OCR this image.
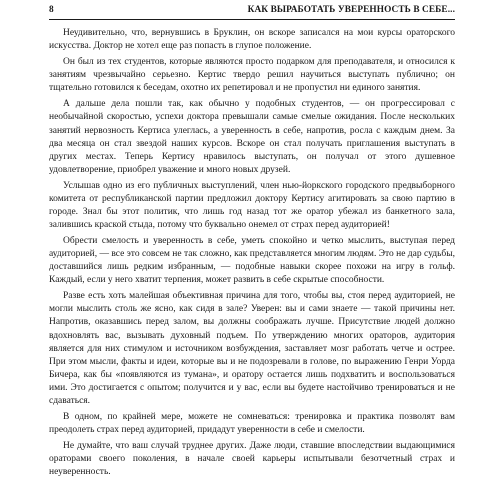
8	КАК ВЫРАБОТАТЬ УВЕРЕННОСТЬ В СЕБЕ...

Неудивительно, что, вернувшись в Бруклин, он вскоре записался на мои курсы ораторского искусства. Доктор не хотел еще раз попасть в глупое положение.

Он был из тех студентов, которые являются просто подарком для преподавателя, и относился к занятиям чрезвычайно серьезно. Кертис твердо решил научиться выступать публично; он тщательно готовился к беседам, охотно их репетировал и не пропустил ни единого занятия.

А дальше дела пошли так, как обычно у подобных студентов, — он прогрессировал с необычайной скоростью, успехи доктора превышали самые смелые ожидания. После нескольких занятий нервозность Кертиса улеглась, а уверенность в себе, напротив, росла с каждым днем. За два месяца он стал звездой наших курсов. Вскоре он стал получать приглашения выступать в других местах. Теперь Кертису нравилось выступать, он получал от этого душевное удовлетворение, приобрел уважение и много новых друзей.

Услышав одно из его публичных выступлений, член нью-йоркского городского предвыборного комитета от республиканской партии предложил доктору Кертису агитировать за свою партию в городе. Знал бы этот политик, что лишь год назад тот же оратор убежал из банкетного зала, залившись краской стыда, потому что буквально онемел от страх перед аудиторией!

Обрести смелость и уверенность в себе, уметь спокойно и четко мыслить, выступая перед аудиторией, — все это совсем не так сложно, как представляется многим людям. Это не дар судьбы, доставшийся лишь редким избранным, — подобные навыки скорее похожи на игру в гольф. Каждый, если у него хватит терпения, может развить в себе скрытые способности.

Разве есть хоть малейшая объективная причина для того, чтобы вы, стоя перед аудиторией, не могли мыслить столь же ясно, как сидя в зале? Уверен: вы и сами знаете — такой причины нет. Напротив, оказавшись перед залом, вы должны соображать лучше. Присутствие людей должно вдохновлять вас, вызывать духовный подъем. По утверждению многих ораторов, аудитория является для них стимулом и источником возбуждения, заставляет мозг работать четче и острее. При этом мысли, факты и идеи, которые вы и не подозревали в голове, по выражению Генри Уорда Бичера, как бы «появляются из тумана», и оратору остается лишь подхватить и воспользоваться ими. Это достигается с опытом; получится и у вас, если вы будете настойчиво тренироваться и не сдаваться.

В одном, по крайней мере, можете не сомневаться: тренировка и практика позволят вам преодолеть страх перед аудиторией, придадут уверенности в себе и смелости.

Не думайте, что ваш случай труднее других. Даже люди, ставшие впоследствии выдающимися ораторами своего поколения, в начале своей карьеры испытывали безотчетный страх и неуверенность.
